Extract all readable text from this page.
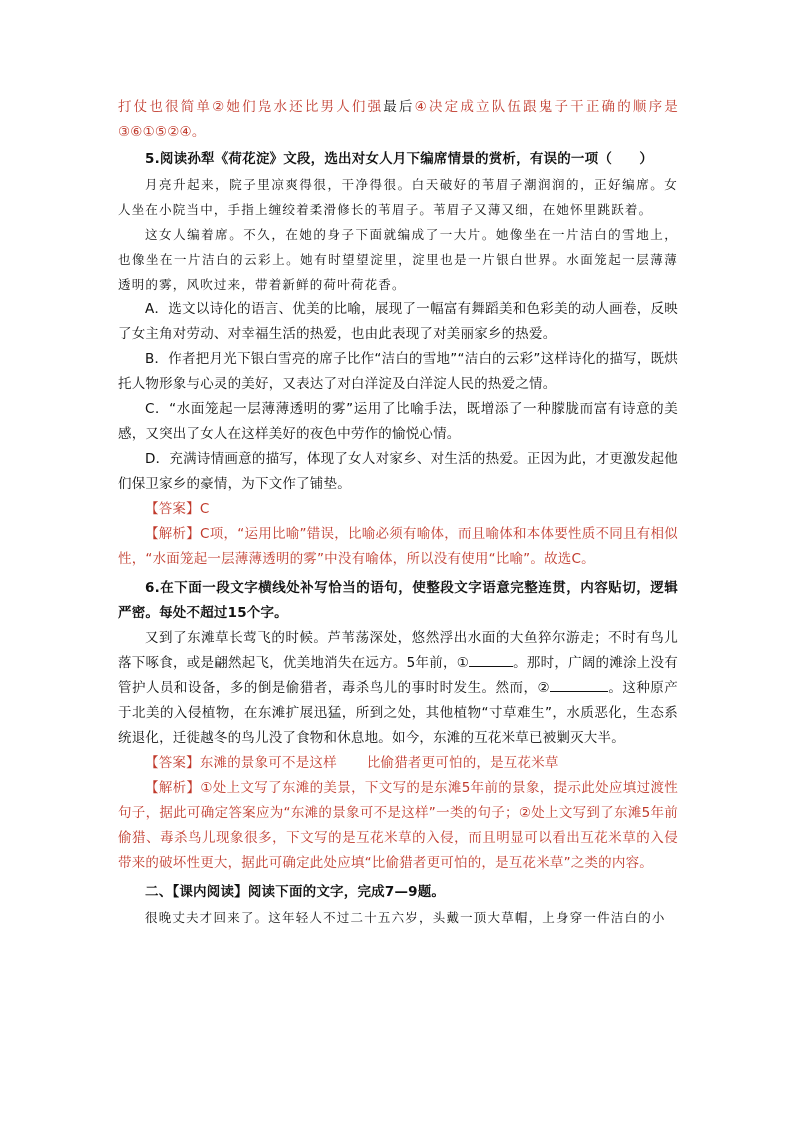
打仗也很简单②她们凫水还比男人们强最后④决定成立队伍跟鬼子干正确的顺序是③⑥①⑤②④。

5.阅读孙犁《荷花淀》文段，选出对女人月下编席情景的赏析，有误的一项（　　）

月亮升起来，院子里凉爽得很，干净得很。白天破好的苇眉子潮润润的，正好编席。女人坐在小院当中，手指上缠绞着柔滑修长的苇眉子。苇眉子又薄又细，在她怀里跳跃着。

这女人编着席。不久，在她的身子下面就编成了一大片。她像坐在一片洁白的雪地上，也像坐在一片洁白的云彩上。她有时望望淀里，淀里也是一片银白世界。水面笼起一层薄薄透明的雾，风吹过来，带着新鲜的荷叶荷花香。

A．选文以诗化的语言、优美的比喻，展现了一幅富有舞蹈美和色彩美的动人画卷，反映了女主角对劳动、对幸福生活的热爱，也由此表现了对美丽家乡的热爱。

B．作者把月光下银白雪亮的席子比作“洁白的雪地”“洁白的云彩”这样诗化的描写，既烘托人物形象与心灵的美好，又表达了对白洋淀及白洋淀人民的热爱之情。

C．“水面笼起一层薄薄透明的雾”运用了比喻手法，既增添了一种朦胧而富有诗意的美感，又突出了女人在这样美好的夜色中劳作的愉悦心情。

D．充满诗情画意的描写，体现了女人对家乡、对生活的热爱。正因为此，才更激发起他们保卫家乡的豪情，为下文作了铺垫。

【答案】C

【解析】C项，“运用比喻”错误，比喻必须有喻体，而且喻体和本体要性质不同且有相似性，“水面笼起一层薄薄透明的雾”中没有喻体，所以没有使用“比喻”。故选C。

6.在下面一段文字横线处补写恰当的语句，使整段文字语意完整连贯，内容贴切，逻辑严密。每处不超过15个字。

又到了东滩草长莺飞的时候。芦苇荡深处，悠然浮出水面的大鱼猝尔游走；不时有鸟儿落下啄食，或是翩然起飞，优美地消失在远方。5年前，①	。那时，广阔的滩涂上没有管护人员和设备，多的倒是偷猎者，毒杀鸟儿的事时时发生。然而，②	。这种原产于北美的入侵植物，在东滩扩展迅猛，所到之处，其他植物“寸草难生”，水质恶化，生态系统退化，迁徙越冬的鸟儿没了食物和休息地。如今，东滩的互花米草已被剿灭大半。

【答案】东滩的景象可不是这样 比偷猎者更可怕的，是互花米草

【解析】①处上文写了东滩的美景，下文写的是东滩5年前的景象，提示此处应填过渡性句子，据此可确定答案应为“东滩的景象可不是这样”一类的句子；②处上文写到了东滩5年前偷猎、毒杀鸟儿现象很多，下文写的是互花米草的入侵，而且明显可以看出互花米草的入侵带来的破坏性更大，据此可确定此处应填“比偷猎者更可怕的，是互花米草”之类的内容。

二、【课内阅读】阅读下面的文字，完成7—9题。

很晚丈夫才回来了。这年轻人不过二十五六岁，头戴一顶大草帽，上身穿一件洁白的小
